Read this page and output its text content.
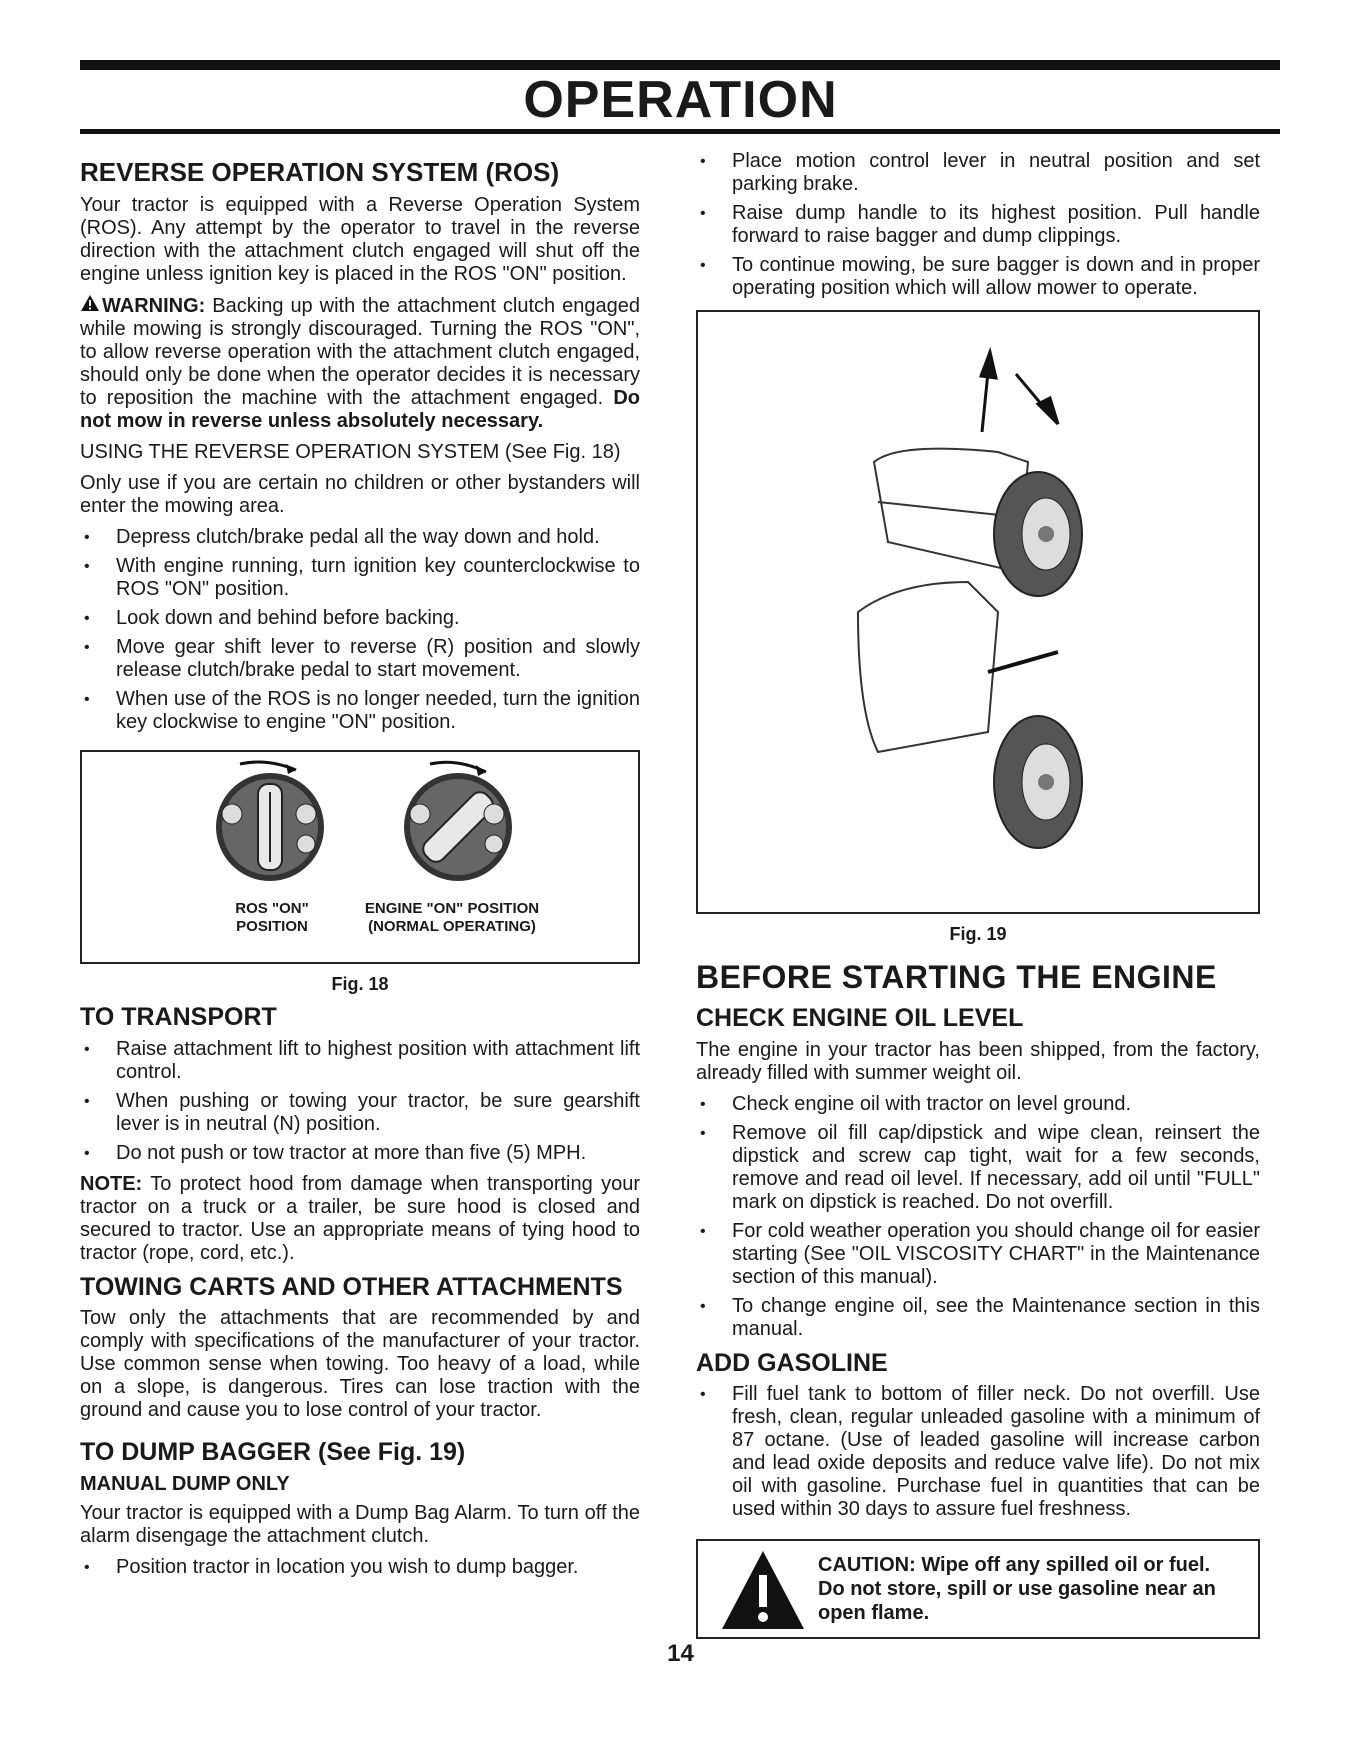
OPERATION
REVERSE OPERATION SYSTEM (ROS)

Your tractor is equipped with a Reverse Operation System (ROS). Any attempt by the operator to travel in the reverse direction with the attachment clutch engaged will shut off the engine unless ignition key is placed in the ROS "ON" position.

WARNING: Backing up with the attachment clutch engaged while mowing is strongly discouraged. Turning the ROS "ON", to allow reverse operation with the attachment clutch engaged, should only be done when the operator decides it is necessary to reposition the machine with the attachment engaged. Do not mow in reverse unless absolutely necessary.

USING THE REVERSE OPERATION SYSTEM (See Fig. 18)

Only use if you are certain no children or other bystanders will enter the mowing area.

• Depress clutch/brake pedal all the way down and hold.
• With engine running, turn ignition key counterclockwise to ROS "ON" position.
• Look down and behind before backing.
• Move gear shift lever to reverse (R) position and slowly release clutch/brake pedal to start movement.
• When use of the ROS is no longer needed, turn the ignition key clockwise to engine "ON" position.
ROS "ON"
POSITION
ENGINE "ON" POSITION
(NORMAL OPERATING)
Fig. 18
TO TRANSPORT
• Raise attachment lift to highest position with attachment lift control.
• When pushing or towing your tractor, be sure gearshift lever is in neutral (N) position.
• Do not push or tow tractor at more than five (5) MPH.

NOTE: To protect hood from damage when transporting your tractor on a truck or a trailer, be sure hood is closed and secured to tractor. Use an appropriate means of tying hood to tractor (rope, cord, etc.).

TOWING CARTS AND OTHER ATTACHMENTS

Tow only the attachments that are recommended by and comply with specifications of the manufacturer of your tractor. Use common sense when towing. Too heavy of a load, while on a slope, is dangerous. Tires can lose traction with the ground and cause you to lose control of your tractor.

TO DUMP BAGGER (See Fig. 19)
MANUAL DUMP ONLY

Your tractor is equipped with a Dump Bag Alarm. To turn off the alarm disengage the attachment clutch.

• Position tractor in location you wish to dump bagger.
• Place motion control lever in neutral position and set parking brake.
• Raise dump handle to its highest position. Pull handle forward to raise bagger and dump clippings.
• To continue mowing, be sure bagger is down and in proper operating position which will allow mower to operate.
Fig. 19
BEFORE STARTING THE ENGINE
CHECK ENGINE OIL LEVEL

The engine in your tractor has been shipped, from the factory, already filled with summer weight oil.

• Check engine oil with tractor on level ground.
• Remove oil fill cap/dipstick and wipe clean, reinsert the dipstick and screw cap tight, wait for a few seconds, remove and read oil level. If necessary, add oil until "FULL" mark on dipstick is reached. Do not overfill.
• For cold weather operation you should change oil for easier starting (See "OIL VISCOSITY CHART" in the Maintenance section of this manual).
• To change engine oil, see the Maintenance section in this manual.
ADD GASOLINE
• Fill fuel tank to bottom of filler neck. Do not overfill. Use fresh, clean, regular unleaded gasoline with a minimum of 87 octane. (Use of leaded gasoline will increase carbon and lead oxide deposits and reduce valve life). Do not mix oil with gasoline. Purchase fuel in quantities that can be used within 30 days to assure fuel freshness.
CAUTION: Wipe off any spilled oil or fuel. Do not store, spill or use gasoline near an open flame.
14
